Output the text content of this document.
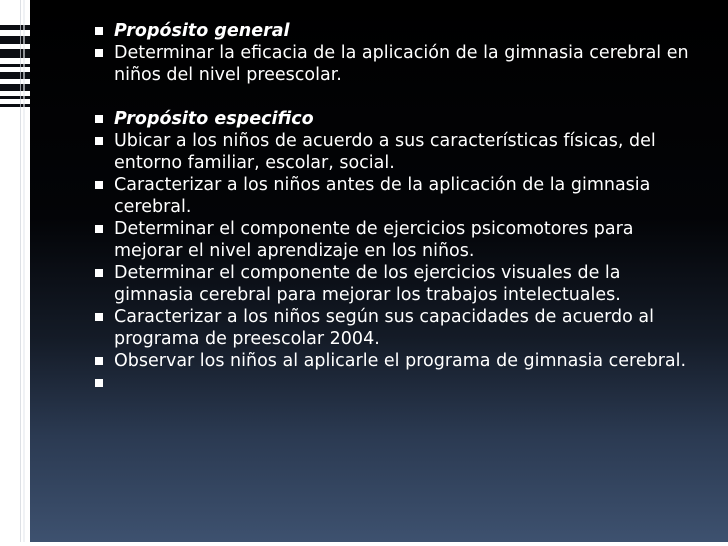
Propósito general
Determinar la eficacia de la aplicación de la gimnasia cerebral en niños del nivel preescolar.
Propósito especifico
Ubicar a los niños de acuerdo a sus características físicas, del entorno familiar, escolar, social.
Caracterizar a los niños antes de la aplicación de la gimnasia cerebral.
Determinar el componente de ejercicios psicomotores para mejorar el nivel aprendizaje en los niños.
Determinar el componente de los ejercicios visuales de la gimnasia cerebral para mejorar los trabajos intelectuales.
Caracterizar a los niños según sus capacidades de acuerdo al programa de preescolar 2004.
Observar los niños al aplicarle el programa de gimnasia cerebral.
